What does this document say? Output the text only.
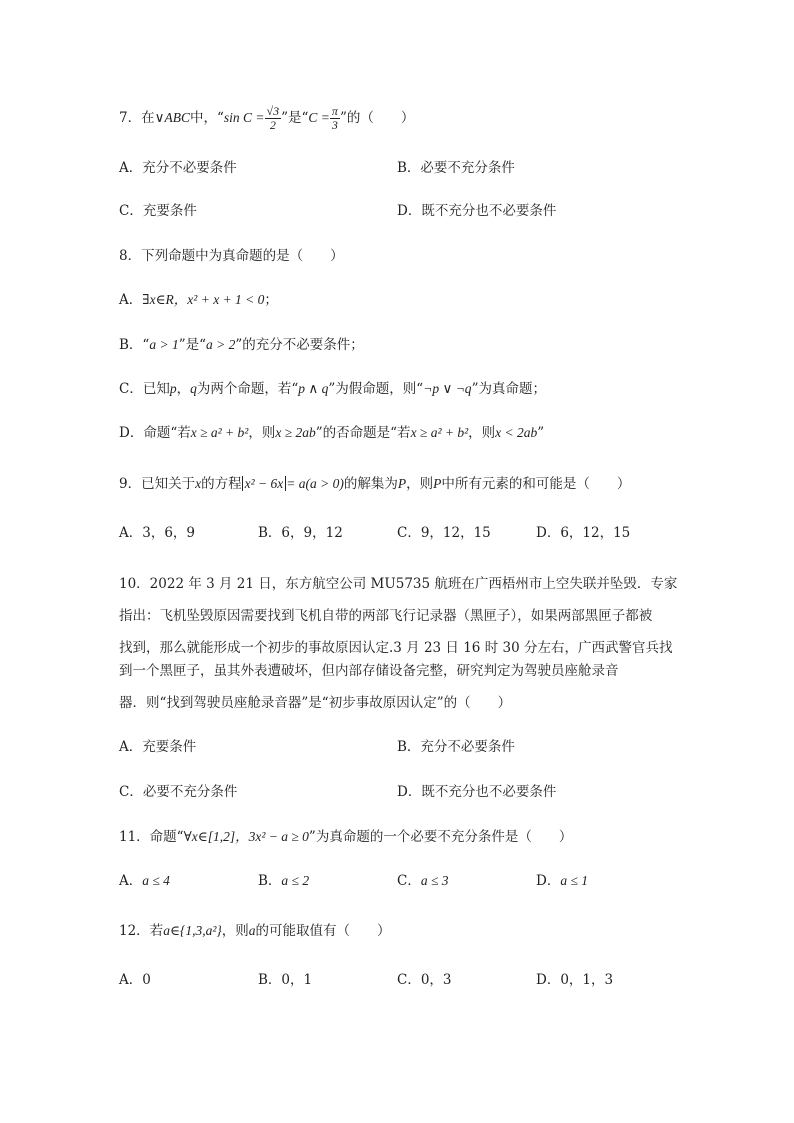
7．在∨ABC中，“sin $C = \frac{√3}{2}$ ”是“$C = \frac{\pi}{3}$ ”的（　　）
A．充分不必要条件	B．必要不充分条件
C．充要条件	D．既不充分也不必要条件
8．下列命题中为真命题的是（　　）
A．∃x∈R，x² + x + 1 < 0；
B．“a > 1”是“a > 2”的充分不必要条件；
C．已知p，q为两个命题，若“p ∧ q”为假命题，则“¬p ∨ ¬q”为真命题；
D．命题“若x ≥ a² + b²，则x ≥ 2ab”的否命题是“若x ≥ a² + b²，则x < 2ab”
9．已知关于x的方程 x² − 6x = a(a > 0)的解集为P，则P中所有元素的和可能是（　　）
A．3，6，9	B．6，9，12	C．9，12，15	D．6，12，15
10．2022 年 3 月 21 日，东方航空公司 MU5735 航班在广西梧州市上空失联并坠毁．专家
指出：飞机坠毁原因需要找到飞机自带的两部飞行记录器（黑匣子），如果两部黑匣子都被
找到，那么就能形成一个初步的事故原因认定.3 月 23 日 16 时 30 分左右，广西武警官兵找
到一个黑匣子，虽其外表遭破坏，但内部存储设备完整，研究判定为驾驶员座舱录音
器．则“找到驾驶员座舱录音器”是“初步事故原因认定”的（　　）
A．充要条件	B．充分不必要条件
C．必要不充分条件	D．既不充分也不必要条件
11．命题“∀x∈[1,2]，3x² − a ≥ 0”为真命题的一个必要不充分条件是（　　）
A．a ≤ 4	B．a ≤ 2	C．a ≤ 3	D．a ≤ 1
12．若a∈{1,3,a²}，则a的可能取值有（　　）
A．0	B．0，1	C．0，3	D．0，1，3
